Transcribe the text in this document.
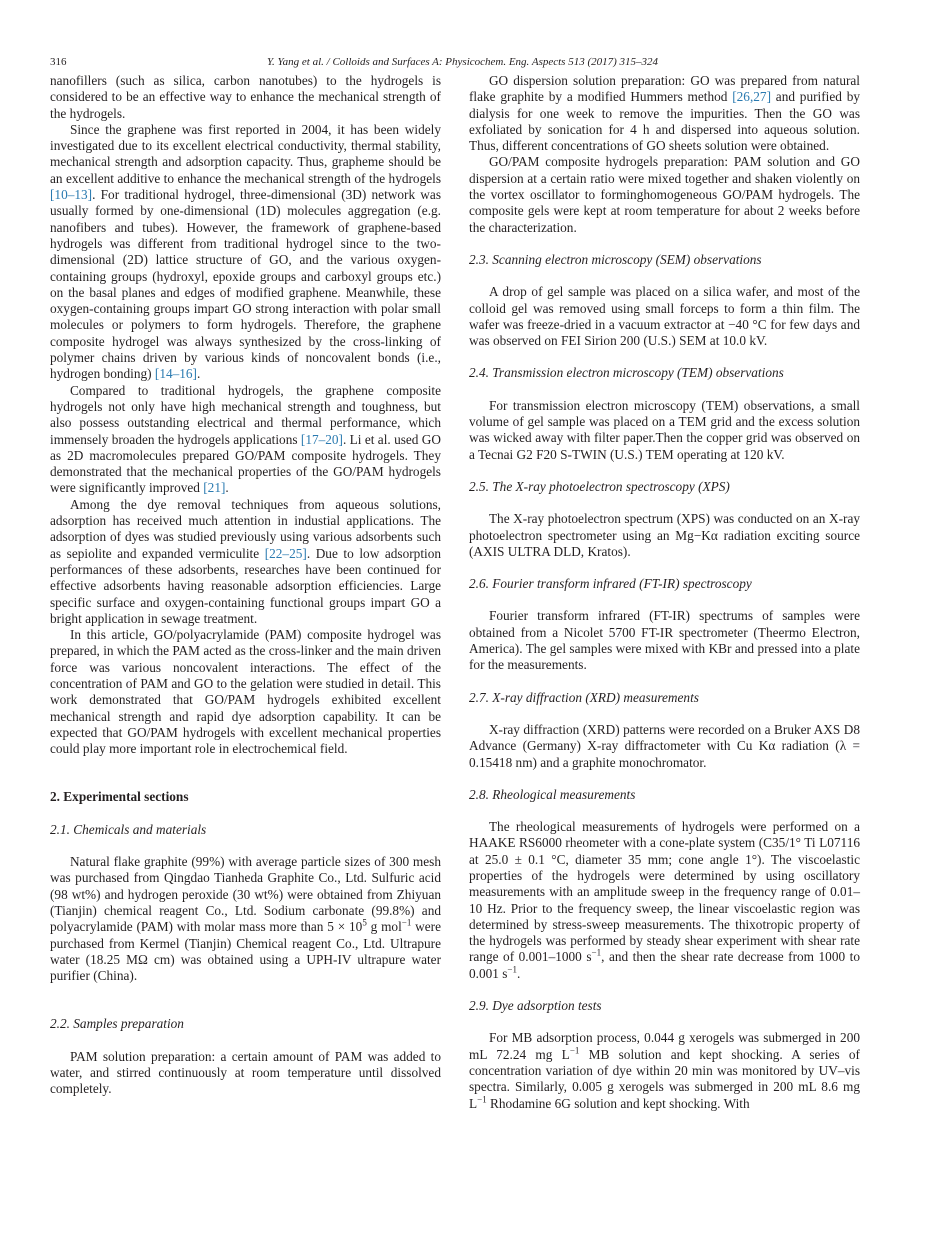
316	Y. Yang et al. / Colloids and Surfaces A: Physicochem. Eng. Aspects 513 (2017) 315–324

nanofillers (such as silica, carbon nanotubes) to the hydrogels is considered to be an effective way to enhance the mechanical strength of the hydrogels.

Since the graphene was first reported in 2004, it has been widely investigated due to its excellent electrical conductivity, thermal stability, mechanical strength and adsorption capacity. Thus, grapheme should be an excellent additive to enhance the mechanical strength of the hydrogels [10–13]. For traditional hydrogel, three-dimensional (3D) network was usually formed by one-dimensional (1D) molecules aggregation (e.g. nanofibers and tubes). However, the framework of graphene-based hydrogels was different from traditional hydrogel since to the two-dimensional (2D) lattice structure of GO, and the various oxygen-containing groups (hydroxyl, epoxide groups and carboxyl groups etc.) on the basal planes and edges of modified graphene. Meanwhile, these oxygen-containing groups impart GO strong interaction with polar small molecules or polymers to form hydrogels. Therefore, the graphene composite hydrogel was always synthesized by the cross-linking of polymer chains driven by various kinds of noncovalent bonds (i.e., hydrogen bonding) [14–16].

Compared to traditional hydrogels, the graphene composite hydrogels not only have high mechanical strength and toughness, but also possess outstanding electrical and thermal performance, which immensely broaden the hydrogels applications [17–20]. Li et al. used GO as 2D macromolecules prepared GO/PAM composite hydrogels. They demonstrated that the mechanical properties of the GO/PAM hydrogels were significantly improved [21].

Among the dye removal techniques from aqueous solutions, adsorption has received much attention in industial applications. The adsorption of dyes was studied previously using various adsorbents such as sepiolite and expanded vermiculite [22–25]. Due to low adsorption performances of these adsorbents, researches have been continued for effective adsorbents having reasonable adsorption efficiencies. Large specific surface and oxygen-containing functional groups impart GO a bright application in sewage treatment.

In this article, GO/polyacrylamide (PAM) composite hydrogel was prepared, in which the PAM acted as the cross-linker and the main driven force was various noncovalent interactions. The effect of the concentration of PAM and GO to the gelation were studied in detail. This work demonstrated that GO/PAM hydrogels exhibited excellent mechanical strength and rapid dye adsorption capability. It can be expected that GO/PAM hydrogels with excellent mechanical properties could play more important role in electrochemical field.

2. Experimental sections
2.1. Chemicals and materials

Natural flake graphite (99%) with average particle sizes of 300 mesh was purchased from Qingdao Tianheda Graphite Co., Ltd. Sulfuric acid (98 wt%) and hydrogen peroxide (30 wt%) were obtained from Zhiyuan (Tianjin) chemical reagent Co., Ltd. Sodium carbonate (99.8%) and polyacrylamide (PAM) with molar mass more than $5 \times 10^5$ g mol$^{-1}$ were purchased from Kermel (Tianjin) Chemical reagent Co., Ltd. Ultrapure water (18.25 MΩ cm) was obtained using a UPH-IV ultrapure water purifier (China).

2.2. Samples preparation

PAM solution preparation: a certain amount of PAM was added to water, and stirred continuously at room temperature until dissolved completely.

GO dispersion solution preparation: GO was prepared from natural flake graphite by a modified Hummers method [26,27] and purified by dialysis for one week to remove the impurities. Then the GO was exfoliated by sonication for 4 h and dispersed into aqueous solution. Thus, different concentrations of GO sheets solution were obtained.

GO/PAM composite hydrogels preparation: PAM solution and GO dispersion at a certain ratio were mixed together and shaken violently on the vortex oscillator to forminghomogeneous GO/PAM hydrogels. The composite gels were kept at room temperature for about 2 weeks before the characterization.

2.3. Scanning electron microscopy (SEM) observations

A drop of gel sample was placed on a silica wafer, and most of the colloid gel was removed using small forceps to form a thin film. The wafer was freeze-dried in a vacuum extractor at −40 °C for few days and was observed on FEI Sirion 200 (U.S.) SEM at 10.0 kV.

2.4. Transmission electron microscopy (TEM) observations

For transmission electron microscopy (TEM) observations, a small volume of gel sample was placed on a TEM grid and the excess solution was wicked away with filter paper.Then the copper grid was observed on a Tecnai G2 F20 S-TWIN (U.S.) TEM operating at 120 kV.

2.5. The X-ray photoelectron spectroscopy (XPS)

The X-ray photoelectron spectrum (XPS) was conducted on an X-ray photoelectron spectrometer using an Mg−Kα radiation exciting source (AXIS ULTRA DLD, Kratos).

2.6. Fourier transform infrared (FT-IR) spectroscopy

Fourier transform infrared (FT-IR) spectrums of samples were obtained from a Nicolet 5700 FT-IR spectrometer (Theermo Electron, America). The gel samples were mixed with KBr and pressed into a plate for the measurements.

2.7. X-ray diffraction (XRD) measurements

X-ray diffraction (XRD) patterns were recorded on a Bruker AXS D8 Advance (Germany) X-ray diffractometer with Cu Kα radiation (λ = 0.15418 nm) and a graphite monochromator.

2.8. Rheological measurements

The rheological measurements of hydrogels were performed on a HAAKE RS6000 rheometer with a cone-plate system (C35/1° Ti L07116 at 25.0 ± 0.1 °C, diameter 35 mm; cone angle 1°). The viscoelastic properties of the hydrogels were determined by using oscillatory measurements with an amplitude sweep in the frequency range of 0.01–10 Hz. Prior to the frequency sweep, the linear viscoelastic region was determined by stress-sweep measurements. The thixotropic property of the hydrogels was performed by steady shear experiment with shear rate range of 0.001–1000 $s^{-1}$, and then the shear rate decrease from 1000 to 0.001 $s^{-1}$.

2.9. Dye adsorption tests

For MB adsorption process, 0.044 g xerogels was submerged in 200 mL 72.24 mg $L^{-1}$ MB solution and kept shocking. A series of concentration variation of dye within 20 min was monitored by UV–vis spectra. Similarly, 0.005 g xerogels was submerged in 200 mL 8.6 mg $L^{-1}$ Rhodamine 6G solution and kept shocking. With
